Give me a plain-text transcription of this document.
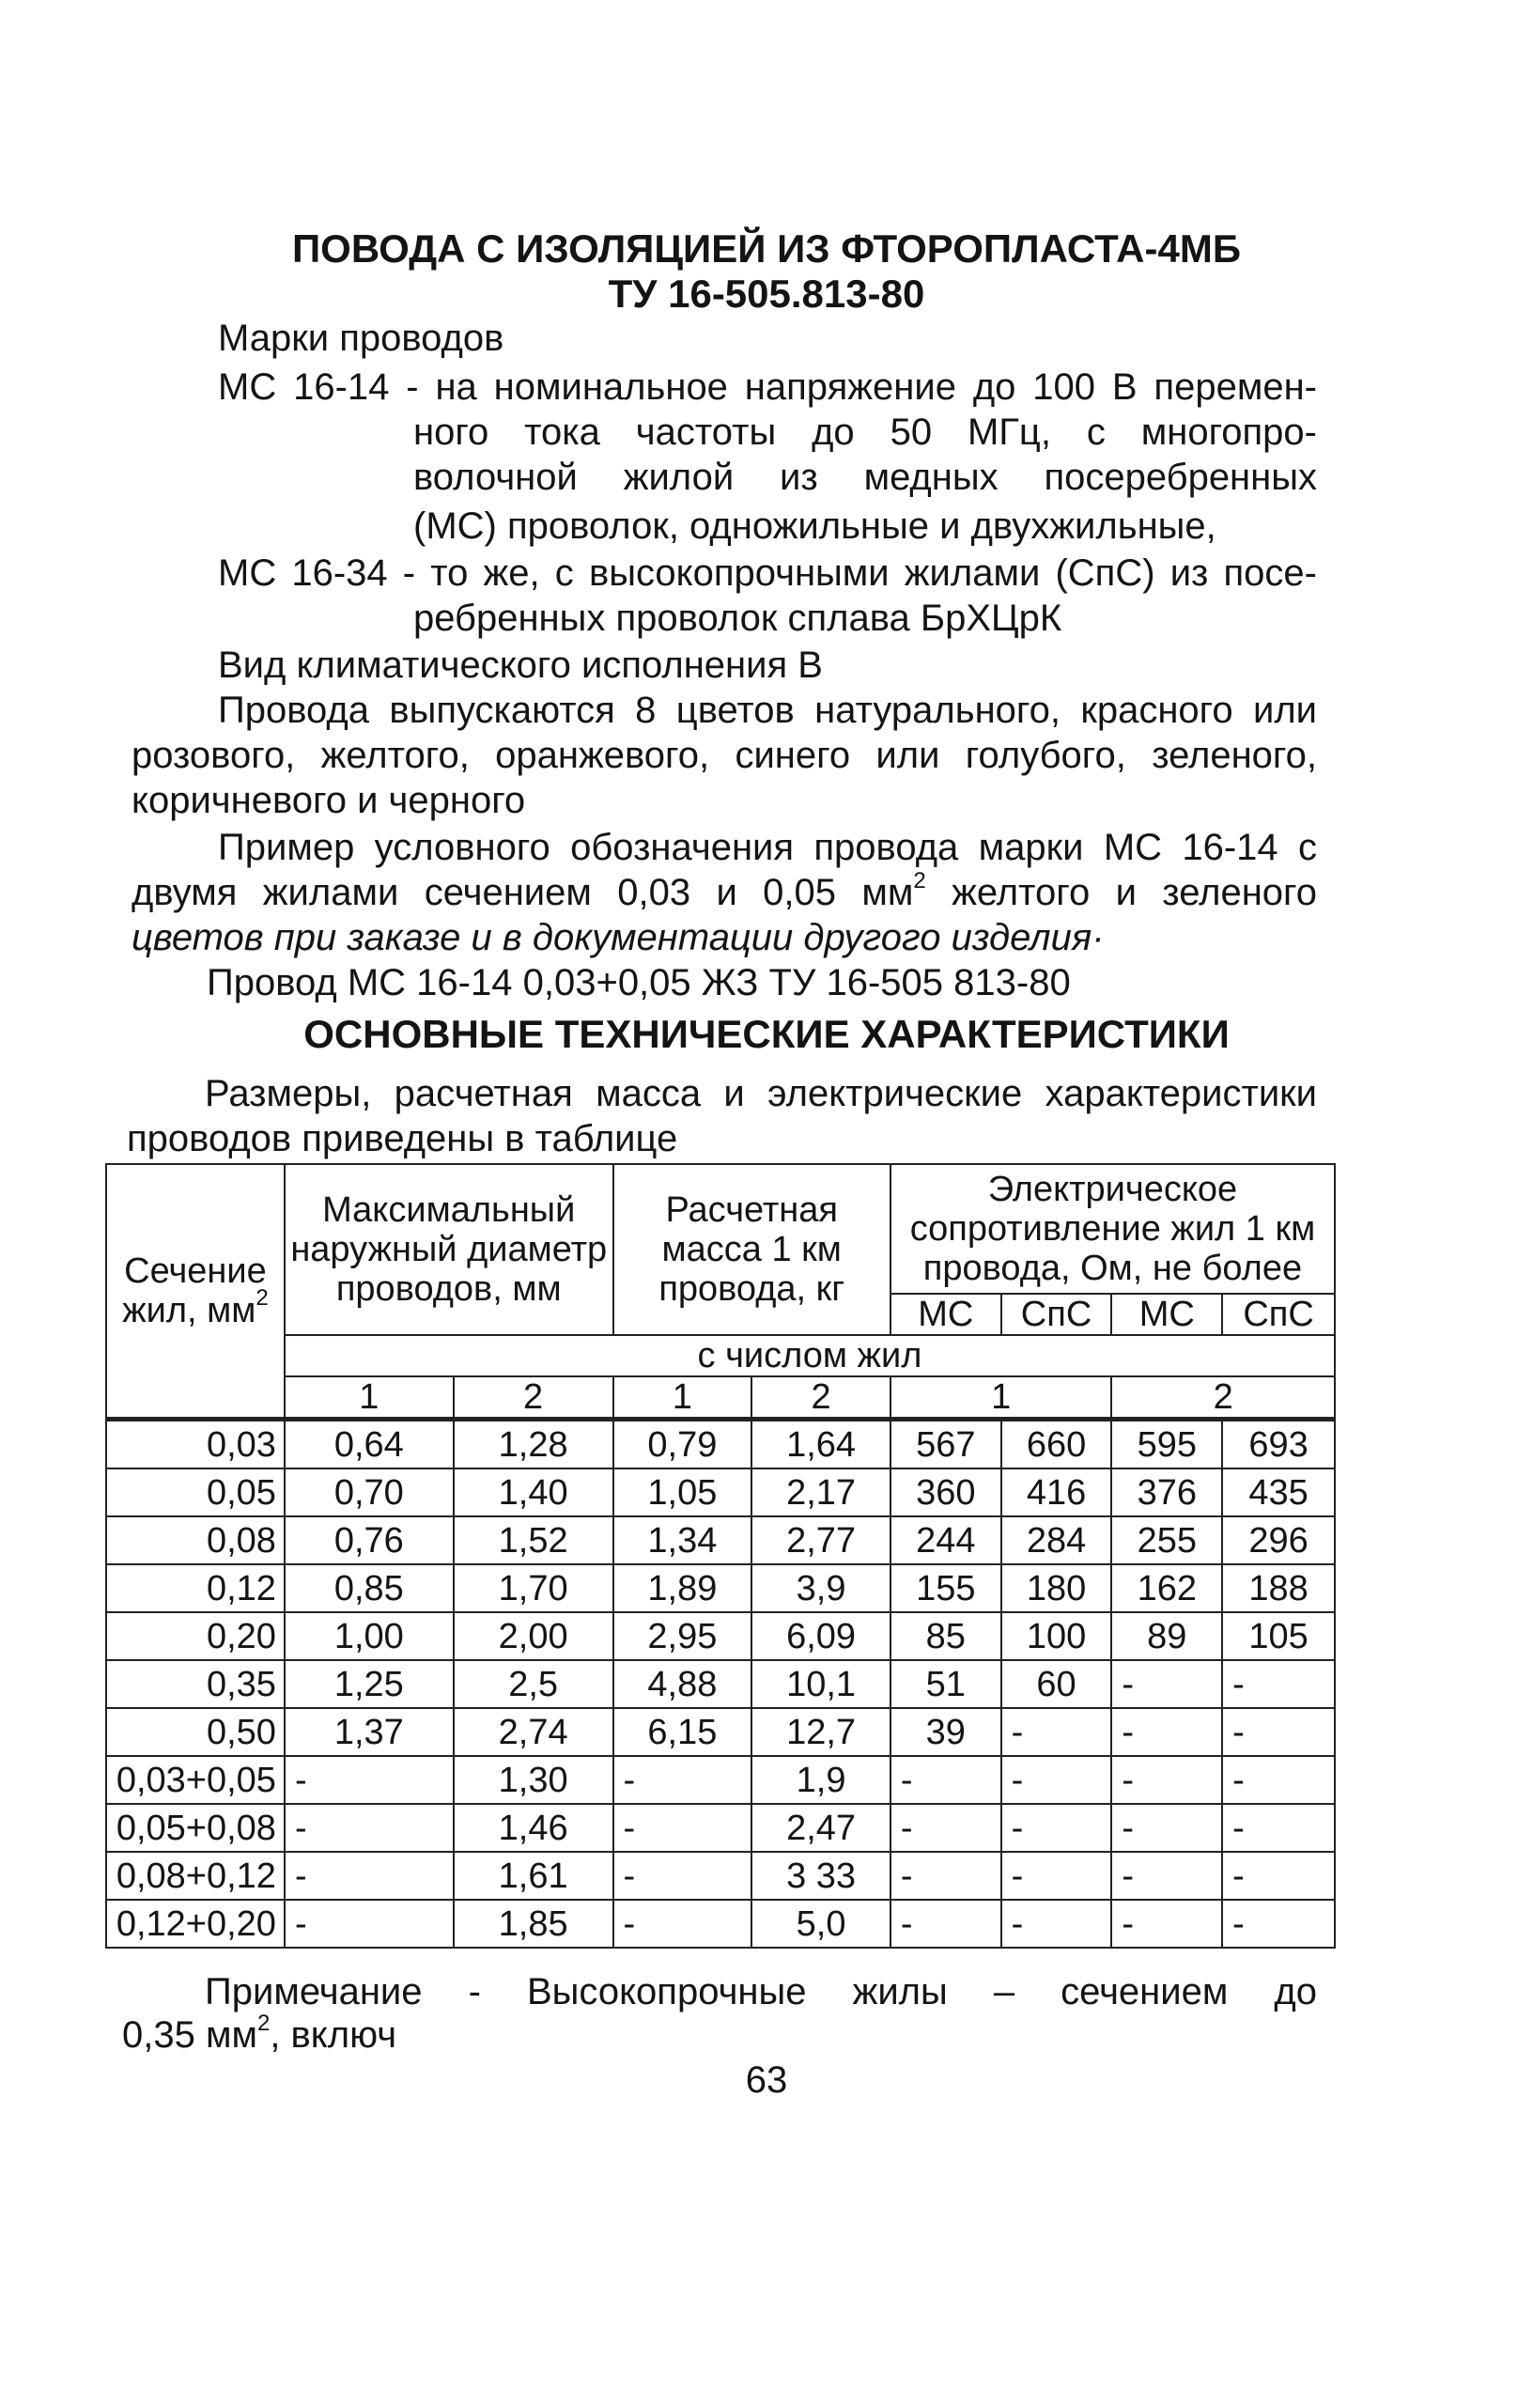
ПОВОДА С ИЗОЛЯЦИЕЙ ИЗ ФТОРОПЛАСТА-4МБ
ТУ 16-505.813-80
Марки проводов
МС 16-14 - на номинальное напряжение до 100 В перемен-
ного тока частоты до 50 МГц, с многопро-
волочной жилой из медных посеребренных
(МС) проволок, одножильные и двухжильные,
МС 16-34 - то же, с высокопрочными жилами (СпС) из посе-
ребренных проволок сплава БрХЦрК
Вид климатического исполнения В
Провода выпускаются 8 цветов натурального, красного или
розового, желтого, оранжевого, синего или голубого, зеленого,
коричневого и черного
Пример условного обозначения провода марки МС 16-14 с
двумя жилами сечением 0,03 и 0,05 $мм^2$ желтого и зеленого
цветов при заказе и в документации другого изделия·
Провод МС 16-14 0,03+0,05 ЖЗ ТУ 16-505 813-80
ОСНОВНЫЕ ТЕХНИЧЕСКИЕ ХАРАКТЕРИСТИКИ
Размеры, расчетная масса и электрические характеристики
проводов приведены в таблице
Сечение жил, $мм^2$	Максимальный наружный диаметр проводов, мм		Расчетная масса 1 км провода, кг		Электрическое сопротивление жил 1 км провода, Ом, не более			
					МС	СпС	МС	СпС
	с числом жил							
	1	2	1	2	1		2	
0,03	0,64	1,28	0,79	1,64	567	660	595	693
0,05	0,70	1,40	1,05	2,17	360	416	376	435
0,08	0,76	1,52	1,34	2,77	244	284	255	296
0,12	0,85	1,70	1,89	3,9	155	180	162	188
0,20	1,00	2,00	2,95	6,09	85	100	89	105
0,35	1,25	2,5	4,88	10,1	51	60	-	-
0,50	1,37	2,74	6,15	12,7	39	-	-	-
0,03+0,05	-	1,30	-	1,9	-	-	-	-
0,05+0,08	-	1,46	-	2,47	-	-	-	-
0,08+0,12	-	1,61	-	3 33	-	-	-	-
0,12+0,20	-	1,85	-	5,0	-	-	-	-
Примечание - Высокопрочные жилы – сечением до
0,35 $мм^2$, включ
63
